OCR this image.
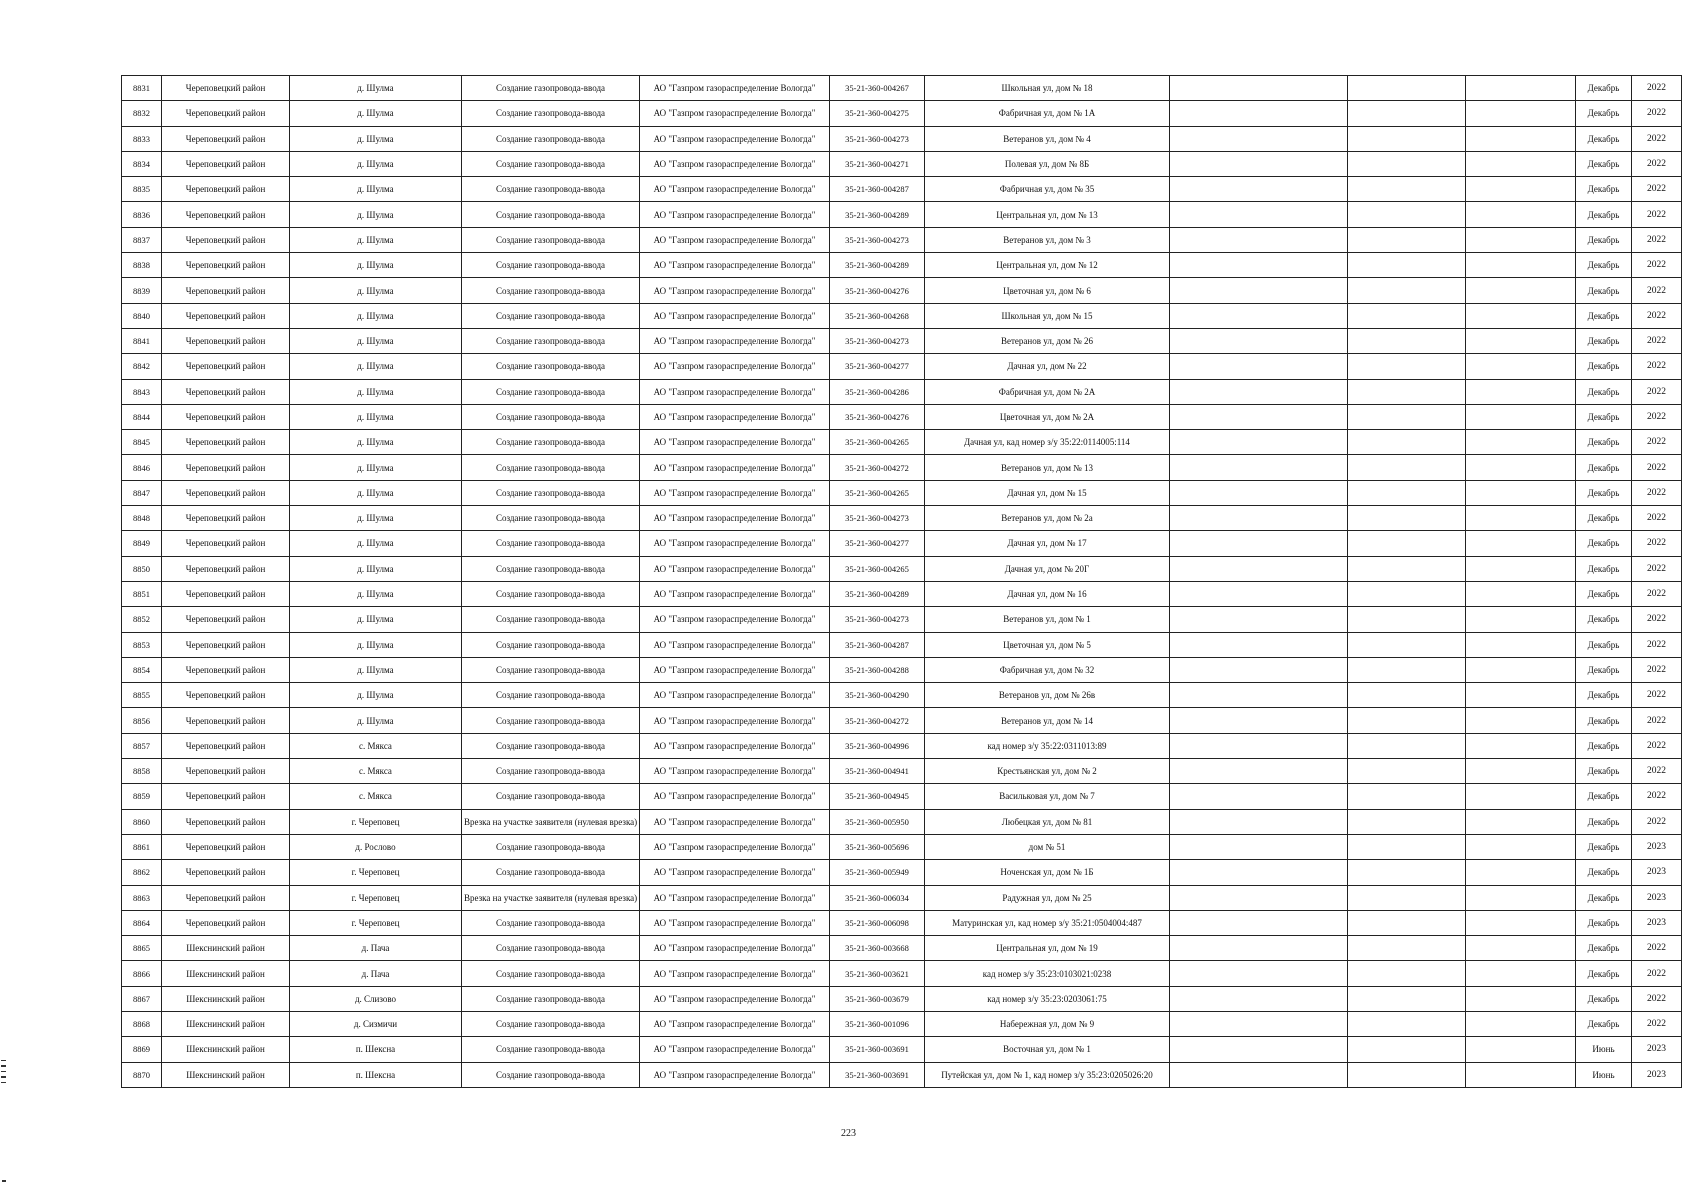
8831	Череповецкий район	д. Шулма	Создание газопровода-ввода	АО "Газпром газораспределение Вологда"	35-21-360-004267	Школьная ул, дом № 18				Декабрь	2022
8832	Череповецкий район	д. Шулма	Создание газопровода-ввода	АО "Газпром газораспределение Вологда"	35-21-360-004275	Фабричная ул, дом № 1А				Декабрь	2022
8833	Череповецкий район	д. Шулма	Создание газопровода-ввода	АО "Газпром газораспределение Вологда"	35-21-360-004273	Ветеранов ул, дом № 4				Декабрь	2022
8834	Череповецкий район	д. Шулма	Создание газопровода-ввода	АО "Газпром газораспределение Вологда"	35-21-360-004271	Полевая ул, дом № 8Б				Декабрь	2022
8835	Череповецкий район	д. Шулма	Создание газопровода-ввода	АО "Газпром газораспределение Вологда"	35-21-360-004287	Фабричная ул, дом № 35				Декабрь	2022
8836	Череповецкий район	д. Шулма	Создание газопровода-ввода	АО "Газпром газораспределение Вологда"	35-21-360-004289	Центральная ул, дом № 13				Декабрь	2022
8837	Череповецкий район	д. Шулма	Создание газопровода-ввода	АО "Газпром газораспределение Вологда"	35-21-360-004273	Ветеранов ул, дом № 3				Декабрь	2022
8838	Череповецкий район	д. Шулма	Создание газопровода-ввода	АО "Газпром газораспределение Вологда"	35-21-360-004289	Центральная ул, дом № 12				Декабрь	2022
8839	Череповецкий район	д. Шулма	Создание газопровода-ввода	АО "Газпром газораспределение Вологда"	35-21-360-004276	Цветочная ул, дом № 6				Декабрь	2022
8840	Череповецкий район	д. Шулма	Создание газопровода-ввода	АО "Газпром газораспределение Вологда"	35-21-360-004268	Школьная ул, дом № 15				Декабрь	2022
8841	Череповецкий район	д. Шулма	Создание газопровода-ввода	АО "Газпром газораспределение Вологда"	35-21-360-004273	Ветеранов ул, дом № 26				Декабрь	2022
8842	Череповецкий район	д. Шулма	Создание газопровода-ввода	АО "Газпром газораспределение Вологда"	35-21-360-004277	Дачная ул, дом № 22				Декабрь	2022
8843	Череповецкий район	д. Шулма	Создание газопровода-ввода	АО "Газпром газораспределение Вологда"	35-21-360-004286	Фабричная ул, дом № 2А				Декабрь	2022
8844	Череповецкий район	д. Шулма	Создание газопровода-ввода	АО "Газпром газораспределение Вологда"	35-21-360-004276	Цветочная ул, дом № 2А				Декабрь	2022
8845	Череповецкий район	д. Шулма	Создание газопровода-ввода	АО "Газпром газораспределение Вологда"	35-21-360-004265	Дачная ул, кад номер з/у 35:22:0114005:114				Декабрь	2022
8846	Череповецкий район	д. Шулма	Создание газопровода-ввода	АО "Газпром газораспределение Вологда"	35-21-360-004272	Ветеранов ул, дом № 13				Декабрь	2022
8847	Череповецкий район	д. Шулма	Создание газопровода-ввода	АО "Газпром газораспределение Вологда"	35-21-360-004265	Дачная ул, дом № 15				Декабрь	2022
8848	Череповецкий район	д. Шулма	Создание газопровода-ввода	АО "Газпром газораспределение Вологда"	35-21-360-004273	Ветеранов ул, дом № 2а				Декабрь	2022
8849	Череповецкий район	д. Шулма	Создание газопровода-ввода	АО "Газпром газораспределение Вологда"	35-21-360-004277	Дачная ул, дом № 17				Декабрь	2022
8850	Череповецкий район	д. Шулма	Создание газопровода-ввода	АО "Газпром газораспределение Вологда"	35-21-360-004265	Дачная ул, дом № 20Г				Декабрь	2022
8851	Череповецкий район	д. Шулма	Создание газопровода-ввода	АО "Газпром газораспределение Вологда"	35-21-360-004289	Дачная ул, дом № 16				Декабрь	2022
8852	Череповецкий район	д. Шулма	Создание газопровода-ввода	АО "Газпром газораспределение Вологда"	35-21-360-004273	Ветеранов ул, дом № 1				Декабрь	2022
8853	Череповецкий район	д. Шулма	Создание газопровода-ввода	АО "Газпром газораспределение Вологда"	35-21-360-004287	Цветочная ул, дом № 5				Декабрь	2022
8854	Череповецкий район	д. Шулма	Создание газопровода-ввода	АО "Газпром газораспределение Вологда"	35-21-360-004288	Фабричная ул, дом № 32				Декабрь	2022
8855	Череповецкий район	д. Шулма	Создание газопровода-ввода	АО "Газпром газораспределение Вологда"	35-21-360-004290	Ветеранов ул, дом № 26в				Декабрь	2022
8856	Череповецкий район	д. Шулма	Создание газопровода-ввода	АО "Газпром газораспределение Вологда"	35-21-360-004272	Ветеранов ул, дом № 14				Декабрь	2022
8857	Череповецкий район	с. Мякса	Создание газопровода-ввода	АО "Газпром газораспределение Вологда"	35-21-360-004996	кад номер з/у 35:22:0311013:89				Декабрь	2022
8858	Череповецкий район	с. Мякса	Создание газопровода-ввода	АО "Газпром газораспределение Вологда"	35-21-360-004941	Крестьянская ул, дом № 2				Декабрь	2022
8859	Череповецкий район	с. Мякса	Создание газопровода-ввода	АО "Газпром газораспределение Вологда"	35-21-360-004945	Васильковая ул, дом № 7				Декабрь	2022
8860	Череповецкий район	г. Череповец	Врезка на участке заявителя (нулевая врезка)	АО "Газпром газораспределение Вологда"	35-21-360-005950	Любецкая ул, дом № 81				Декабрь	2022
8861	Череповецкий район	д. Рослово	Создание газопровода-ввода	АО "Газпром газораспределение Вологда"	35-21-360-005696	дом № 51				Декабрь	2023
8862	Череповецкий район	г. Череповец	Создание газопровода-ввода	АО "Газпром газораспределение Вологда"	35-21-360-005949	Ноченская ул, дом № 1Б				Декабрь	2023
8863	Череповецкий район	г. Череповец	Врезка на участке заявителя (нулевая врезка)	АО "Газпром газораспределение Вологда"	35-21-360-006034	Радужная ул, дом № 25				Декабрь	2023
8864	Череповецкий район	г. Череповец	Создание газопровода-ввода	АО "Газпром газораспределение Вологда"	35-21-360-006098	Матуринская ул, кад номер з/у 35:21:0504004:487				Декабрь	2023
8865	Шекснинский район	д. Пача	Создание газопровода-ввода	АО "Газпром газораспределение Вологда"	35-21-360-003668	Центральная ул, дом № 19				Декабрь	2022
8866	Шекснинский район	д. Пача	Создание газопровода-ввода	АО "Газпром газораспределение Вологда"	35-21-360-003621	кад номер з/у 35:23:0103021:0238				Декабрь	2022
8867	Шекснинский район	д. Слизово	Создание газопровода-ввода	АО "Газпром газораспределение Вологда"	35-21-360-003679	кад номер з/у 35:23:0203061:75				Декабрь	2022
8868	Шекснинский район	д. Сизмичи	Создание газопровода-ввода	АО "Газпром газораспределение Вологда"	35-21-360-001096	Набережная ул, дом № 9				Декабрь	2022
8869	Шекснинский район	п. Шексна	Создание газопровода-ввода	АО "Газпром газораспределение Вологда"	35-21-360-003691	Восточная ул, дом № 1				Июнь	2023
8870	Шекснинский район	п. Шексна	Создание газопровода-ввода	АО "Газпром газораспределение Вологда"	35-21-360-003691	Путейская ул, дом № 1, кад номер з/у 35:23:0205026:20				Июнь	2023
223
